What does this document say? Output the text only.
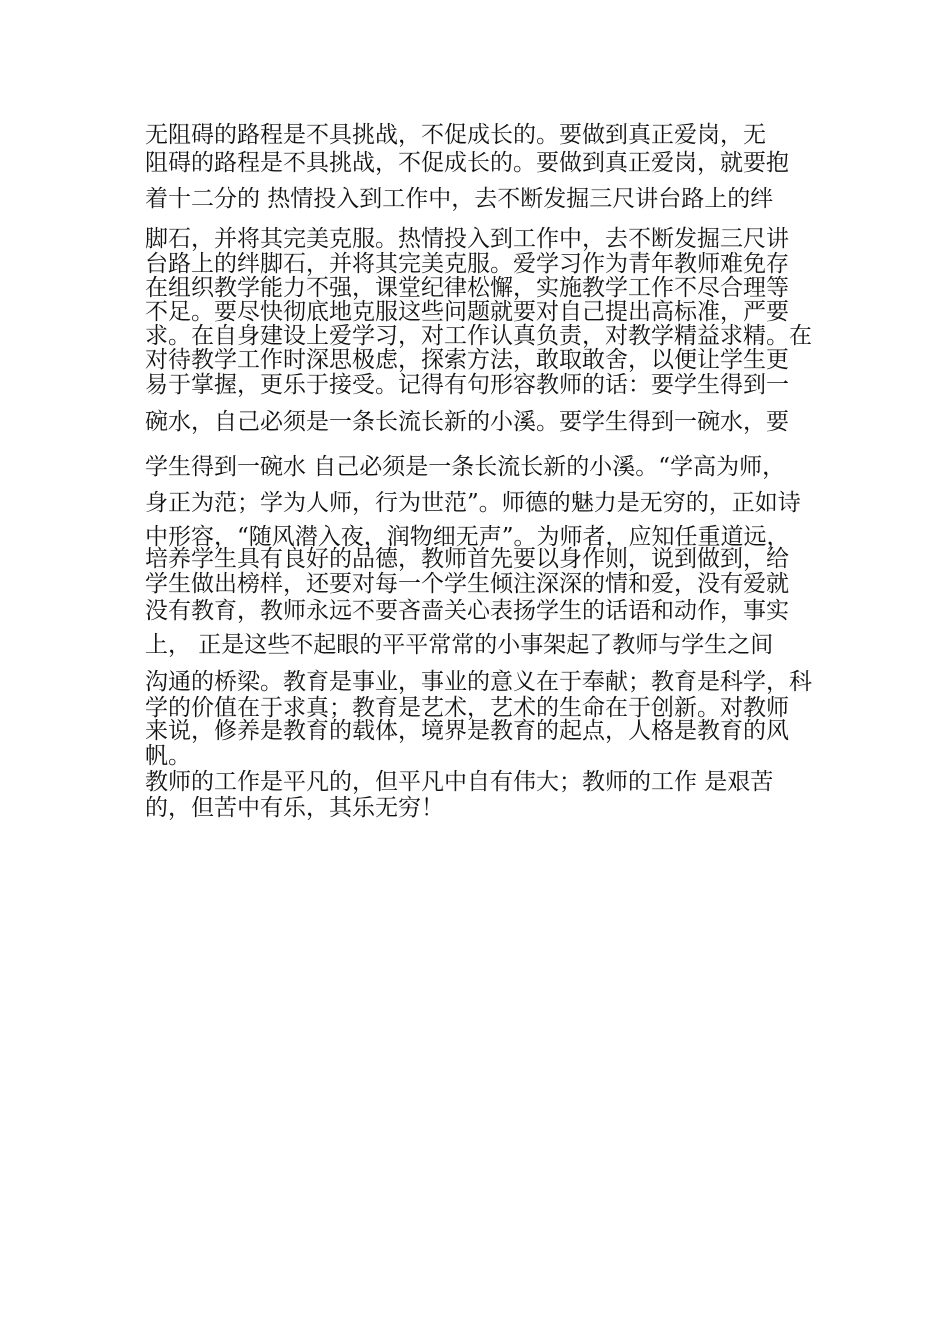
无阻碍的路程是不具挑战，不促成长的。要做到真正爱岗，无
阻碍的路程是不具挑战，不促成长的。要做到真正爱岗，就要抱
着十二分的 热情投入到工作中，去不断发掘三尺讲台路上的绊
脚石，并将其完美克服。热情投入到工作中，去不断发掘三尺讲
台路上的绊脚石，并将其完美克服。爱学习作为青年教师难免存
在组织教学能力不强，课堂纪律松懈，实施教学工作不尽合理等
不足。要尽快彻底地克服这些问题就要对自己提出高标准，严要
求。在自身建设上爱学习，对工作认真负责，对教学精益求精。在
对待教学工作时深思极虑，探索方法，敢取敢舍，以便让学生更
易于掌握，更乐于接受。记得有句形容教师的话：要学生得到一
碗水，自己必须是一条长流长新的小溪。要学生得到一碗水，要
学生得到一碗水 自己必须是一条长流长新的小溪。“学高为师，
身正为范；学为人师，行为世范”。师德的魅力是无穷的，正如诗
中形容，“随风潜入夜，润物细无声”。为师者，应知任重道远，
培养学生具有良好的品德，教师首先要以身作则，说到做到，给
学生做出榜样，还要对每一个学生倾注深深的情和爱，没有爱就
没有教育，教师永远不要吝啬关心表扬学生的话语和动作，事实
上， 正是这些不起眼的平平常常的小事架起了教师与学生之间
沟通的桥梁。教育是事业，事业的意义在于奉献；教育是科学，科
学的价值在于求真；教育是艺术，艺术的生命在于创新。对教师
来说，修养是教育的载体，境界是教育的起点，人格是教育的风
帆。
教师的工作是平凡的，但平凡中自有伟大；教师的工作 是艰苦
的，但苦中有乐，其乐无穷！
